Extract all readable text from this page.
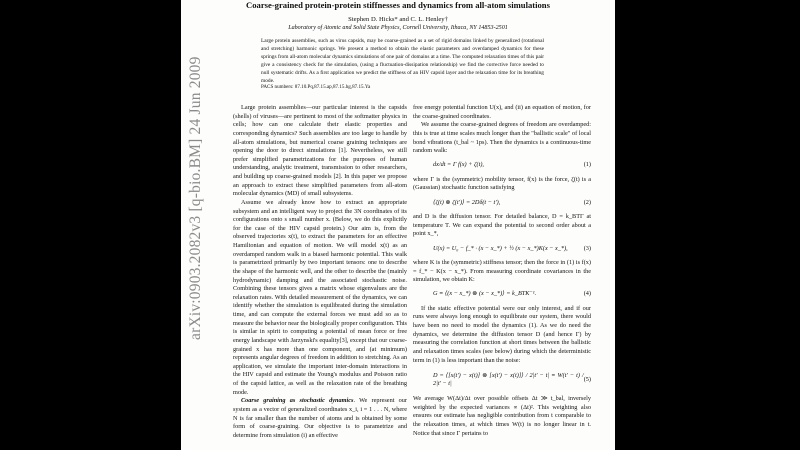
arXiv:0903.2082v3 [q-bio.BM] 24 Jun 2009
Coarse-grained protein-protein stiffnesses and dynamics from all-atom simulations
Stephen D. Hicks* and C. L. Henley†
Laboratory of Atomic and Solid State Physics, Cornell University, Ithaca, NY 14853-2501
Large protein assemblies, such as virus capsids, may be coarse-grained as a set of rigid domains linked by generalized (rotational and stretching) harmonic springs. We present a method to obtain the elastic parameters and overdamped dynamics for these springs from all-atom molecular dynamics simulations of one pair of domains at a time. The computed relaxation times of this pair give a consistency check for the simulation, (using a fluctuation-dissipation relationship) we find the corrective force needed to null systematic drifts. As a first application we predict the stiffness of an HIV capsid layer and the relaxation time for its breathing mode.
PACS numbers: 87.10.Pq,87.15.ap,87.15.hg,87.15.Ya

Large protein assemblies—our particular interest is the capsids (shells) of viruses—are pertinent to most of the softmatter physics in cells; how can one calculate their elastic properties and corresponding dynamics? Such assemblies are too large to handle by all-atom simulations, but numerical coarse graining techniques are opening the door to direct simulations [1]. Nevertheless, we still prefer simplified parametrizations for the purposes of human understanding, analytic treatment, transmission to other researchers, and building up coarse-grained models [2]. In this paper we propose an approach to extract these simplified parameters from all-atom molecular dynamics (MD) of small subsystems.

Assume we already know how to extract an appropriate subsystem and an intelligent way to project the 3N coordinates of its configurations onto s small number x. (Below, we do this explicitly for the case of the HIV capsid protein.) Our aim is, from the observed trajectories x(t), to extract the parameters for an effective Hamiltonian and equation of motion. We will model x(t) as an overdamped random walk in a biased harmonic potential. This walk is parametrized primarily by two important tensors: one to describe the shape of the harmonic well, and the other to describe the (mainly hydrodynamic) damping and the associated stochastic noise. Combining these tensors gives a matrix whose eigenvalues are the relaxation rates. With detailed measurement of the dynamics, we can identify whether the simulation is equilibrated during the simulation time, and can compute the external forces we must add so as to measure the behavior near the biologically proper configuration. This is similar in spirit to computing a potential of mean force or free energy landscape with Jarzynski's equality[3], except that our coarse-grained x has more than one component, and (at minimum) represents angular degrees of freedom in addition to stretching. As an application, we simulate the important inter-domain interactions in the HIV capsid and estimate the Young's modulus and Poisson ratio of the capsid lattice, as well as the relaxation rate of the breathing mode.

Coarse graining as stochastic dynamics. We represent our system as a vector of generalized coordinates x_i, i = 1 . . . N, where N is far smaller than the number of atoms and is obtained by some form of coarse-graining. Our objective is to parametrize and determine from simulation (i) an effective

free energy potential function U(x), and (ii) an equation of motion, for the coarse-grained coordinates.

We assume the coarse-grained degrees of freedom are overdamped: this is true at time scales much longer than the "ballistic scale" of local bond vibrations (t_bal ~ 1ps). Then the dynamics is a continuous-time random walk:

dx/dt = Γ f(x) + ζ(t),	(1)

where Γ is the (symmetric) mobility tensor, f(x) is the force, ζ(t) is a (Gaussian) stochastic function satisfying

⟨ζ(t) ⊗ ζ(t′)⟩ = 2Dδ(t − t′),	(2)

and D is the diffusion tensor. For detailed balance, D = k_BTΓ at temperature T. We can expand the potential to second order about a point x_*,

U(x) = U₀ − f_* · (x − x_*) + ½ (x − x_*)K(x − x_*),	(3)

where K is the (symmetric) stiffness tensor; then the force in (1) is f(x) = f_* − K(x − x_*). From measuring coordinate covariances in the simulation, we obtain K:

G ≡ ⟨(x − x_*) ⊗ (x − x_*)⟩ = k_BTK⁻¹.	(4)

If the static effective potential were our only interest, and if our runs were always long enough to equilibrate our system, there would have been no need to model the dynamics (1). As we do need the dynamics, we determine the diffusion tensor D (and hence Γ) by measuring the correlation function at short times between the ballistic and relaxation times scales (see below) during which the deterministic term in (1) is less important than the noise:

D = ⟨[x(t′) − x(t)] ⊗ [x(t′) − x(t)]⟩ / 2|t′ − t| ≡ W(t′ − t) / 2|t′ − t|
(5)

We average W(Δt)/Δt over possible offsets Δt ≫ t_bal, inversely weighted by the expected variances ∝ (Δt)². This weighting also ensures our estimate has negligible contribution from t comparable to the relaxation times, at which times W(t) is no longer linear in t. Notice that since Γ pertains to
